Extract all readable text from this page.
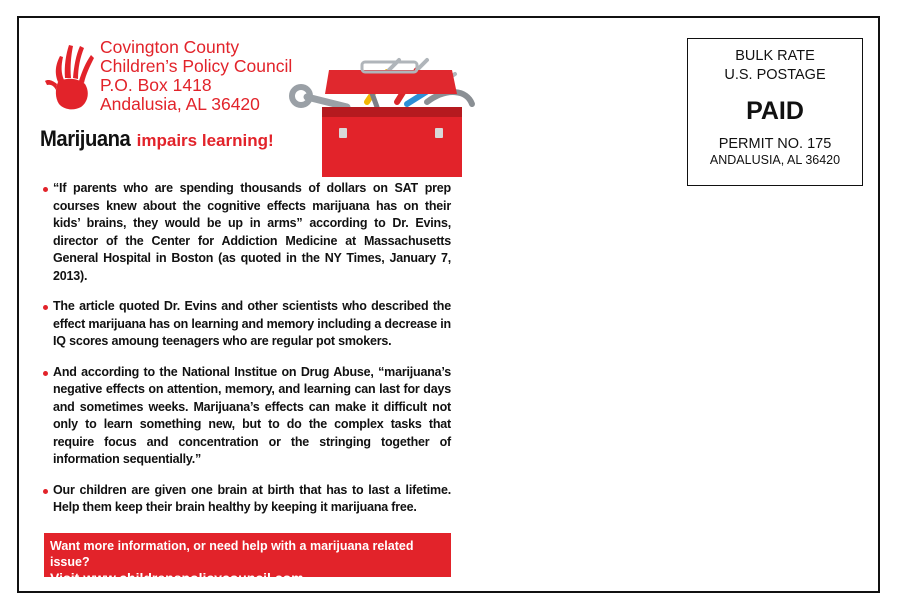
Covington County
Children’s Policy Council
P.O. Box 1418
Andalusia, AL 36420
Marijuana impairs learning!
BULK RATE
U.S. POSTAGE
PAID
PERMIT NO. 175
ANDALUSIA, AL 36420
“If parents who are spending thousands of dollars on SAT prep courses knew about the cognitive effects marijuana has on their kids’ brains, they would be up in arms” according to Dr. Evins, director of the Center for Addiction Medicine at Massachusetts General Hospital in Boston (as quoted in the NY Times, January 7, 2013).
The article quoted Dr. Evins and other scientists who described the effect marijuana has on learning and memory including a decrease in IQ scores amoung teenagers who are regular pot smokers.
And according to the National Institue on Drug Abuse, “marijuana’s negative effects on attention, memory, and learning can last for days and sometimes weeks. Marijuana’s effects can make it difficult not only to learn something new, but to do the complex tasks that require focus and concentration or the stringing together of information sequentially.”
Our children are given one brain at birth that has to last a lifetime. Help them keep their brain healthy by keeping it marijuana free.
Want more information, or need help with a marijuana related issue?
Visit www.childrenspolicycouncil.com
